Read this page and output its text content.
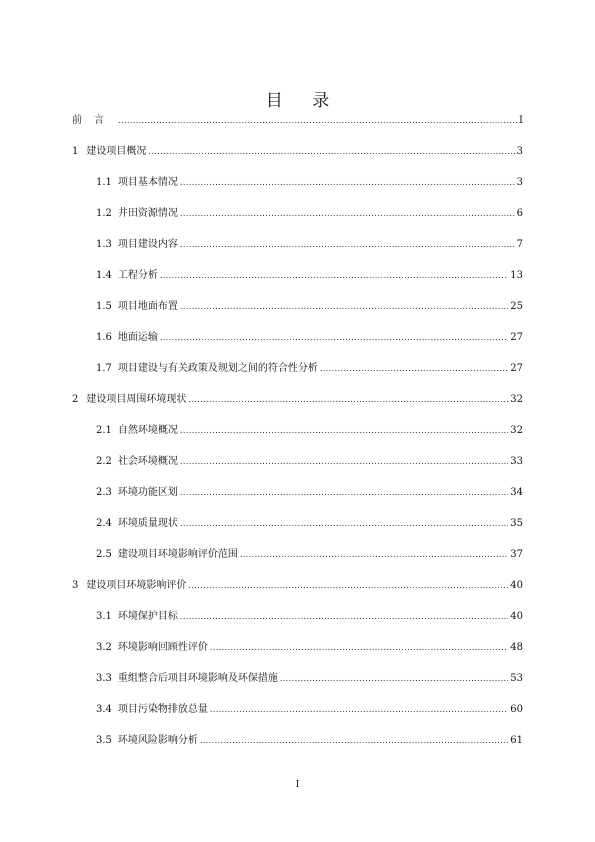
目 录
前言 .....	I
1 建设项目概况 .....	3
1.1 项目基本情况 .....	3
1.2 井田资源情况 .....	6
1.3 项目建设内容 .....	7
1.4 工程分析 .....	13
1.5 项目地面布置 .....	25
1.6 地面运输 .....	27
1.7 项目建设与有关政策及规划之间的符合性分析 .....	27
2 建设项目周围环境现状 .....	32
2.1 自然环境概况 .....	32
2.2 社会环境概况 .....	33
2.3 环境功能区划 .....	34
2.4 环境质量现状 .....	35
2.5 建设项目环境影响评价范围 .....	37
3 建设项目环境影响评价 .....	40
3.1 环境保护目标 .....	40
3.2 环境影响回顾性评价 .....	48
3.3 重组整合后项目环境影响及环保措施 .....	53
3.4 项目污染物排放总量 .....	60
3.5 环境风险影响分析 .....	61
I
